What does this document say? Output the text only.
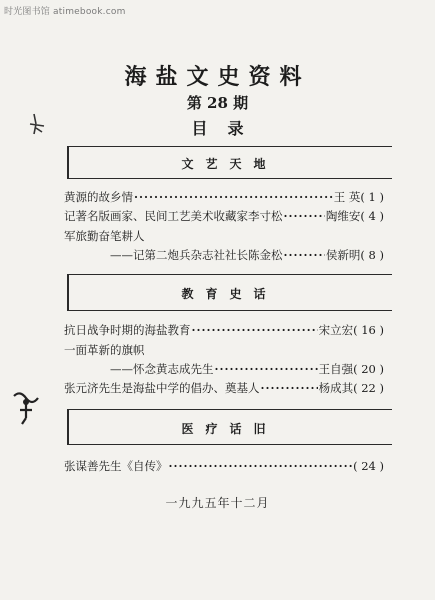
时光图书馆 atimebook.com
海盐文史资料
第 28 期
目录
文艺天地
黄源的故乡情 ·····	王 英 ( 1 )
记著名版画家、民间工艺美术收藏家李寸松 ·····	陶维安 ( 4 )
军旅勤奋笔耕人
——记第二炮兵杂志社社长陈金松 ·····	侯新明 ( 8 )
教育史话
抗日战争时期的海盐教育 ·····	宋立宏 ( 16 )
一面革新的旗帜
——怀念黄志成先生 ·····	王自强 ( 20 )
张元济先生是海盐中学的倡办、奠基人 ·····	杨成其 ( 22 )
医疗话旧
张谋善先生《自传》 ·····	( 24 )
一九九五年十二月
